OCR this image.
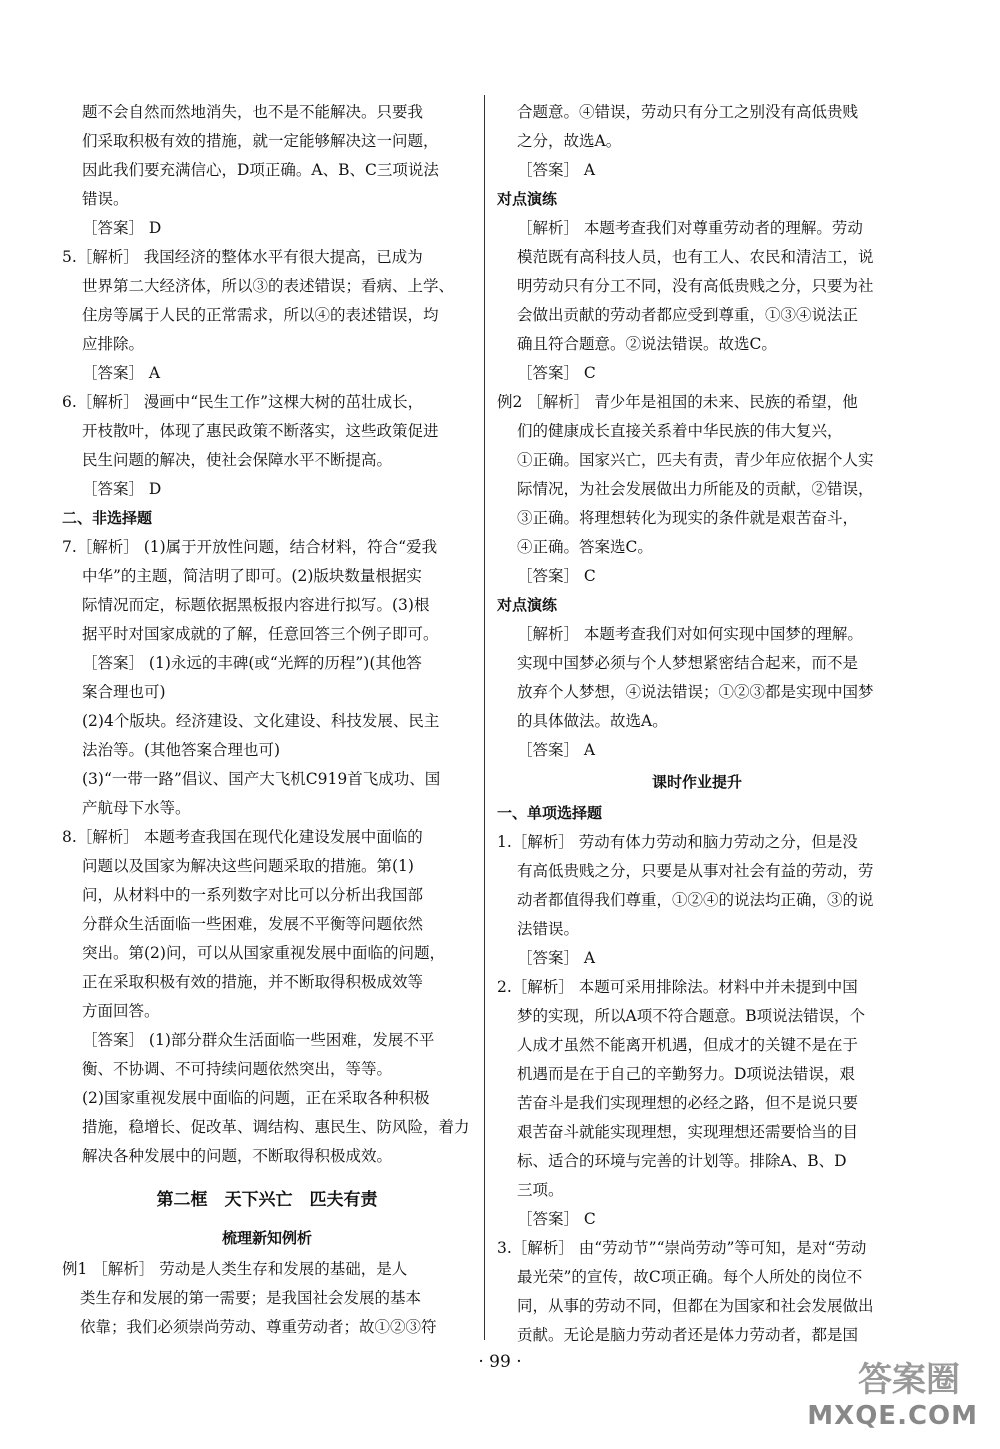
题不会自然而然地消失，也不是不能解决。只要我
们采取积极有效的措施，就一定能够解决这一问题，
因此我们要充满信心，D项正确。A、B、C三项说法
错误。
［答案］ D
5.［解析］ 我国经济的整体水平有很大提高，已成为
世界第二大经济体，所以③的表述错误；看病、上学、
住房等属于人民的正常需求，所以④的表述错误，均
应排除。
［答案］ A
6.［解析］ 漫画中“民生工作”这棵大树的茁壮成长，
开枝散叶，体现了惠民政策不断落实，这些政策促进
民生问题的解决，使社会保障水平不断提高。
［答案］ D
二、非选择题
7.［解析］ (1)属于开放性问题，结合材料，符合“爱我
中华”的主题，简洁明了即可。(2)版块数量根据实
际情况而定，标题依据黑板报内容进行拟写。(3)根
据平时对国家成就的了解，任意回答三个例子即可。
［答案］ (1)永远的丰碑(或“光辉的历程”)(其他答
案合理也可)
(2)4个版块。经济建设、文化建设、科技发展、民主
法治等。(其他答案合理也可)
(3)“一带一路”倡议、国产大飞机C919首飞成功、国
产航母下水等。
8.［解析］ 本题考查我国在现代化建设发展中面临的
问题以及国家为解决这些问题采取的措施。第(1)
问，从材料中的一系列数字对比可以分析出我国部
分群众生活面临一些困难，发展不平衡等问题依然
突出。第(2)问，可以从国家重视发展中面临的问题，
正在采取积极有效的措施，并不断取得积极成效等
方面回答。
［答案］ (1)部分群众生活面临一些困难，发展不平
衡、不协调、不可持续问题依然突出，等等。
(2)国家重视发展中面临的问题，正在采取各种积极
措施，稳增长、促改革、调结构、惠民生、防风险，着力
解决各种发展中的问题，不断取得积极成效。
第二框　天下兴亡　匹夫有责
梳理新知例析
例1 ［解析］ 劳动是人类生存和发展的基础，是人
类生存和发展的第一需要；是我国社会发展的基本
依靠；我们必须崇尚劳动、尊重劳动者；故①②③符
合题意。④错误，劳动只有分工之别没有高低贵贱
之分，故选A。
［答案］ A
对点演练
［解析］ 本题考查我们对尊重劳动者的理解。劳动
模范既有高科技人员，也有工人、农民和清洁工，说
明劳动只有分工不同，没有高低贵贱之分，只要为社
会做出贡献的劳动者都应受到尊重，①③④说法正
确且符合题意。②说法错误。故选C。
［答案］ C
例2 ［解析］ 青少年是祖国的未来、民族的希望，他
们的健康成长直接关系着中华民族的伟大复兴，
①正确。国家兴亡，匹夫有责，青少年应依据个人实
际情况，为社会发展做出力所能及的贡献，②错误，
③正确。将理想转化为现实的条件就是艰苦奋斗，
④正确。答案选C。
［答案］ C
对点演练
［解析］ 本题考查我们对如何实现中国梦的理解。
实现中国梦必须与个人梦想紧密结合起来，而不是
放弃个人梦想，④说法错误；①②③都是实现中国梦
的具体做法。故选A。
［答案］ A
课时作业提升
一、单项选择题
1.［解析］ 劳动有体力劳动和脑力劳动之分，但是没
有高低贵贱之分，只要是从事对社会有益的劳动，劳
动者都值得我们尊重，①②④的说法均正确，③的说
法错误。
［答案］ A
2.［解析］ 本题可采用排除法。材料中并未提到中国
梦的实现，所以A项不符合题意。B项说法错误，个
人成才虽然不能离开机遇，但成才的关键不是在于
机遇而是在于自己的辛勤努力。D项说法错误，艰
苦奋斗是我们实现理想的必经之路，但不是说只要
艰苦奋斗就能实现理想，实现理想还需要恰当的目
标、适合的环境与完善的计划等。排除A、B、D
三项。
［答案］ C
3.［解析］ 由“劳动节”“崇尚劳动”等可知，是对“劳动
最光荣”的宣传，故C项正确。每个人所处的岗位不
同，从事的劳动不同，但都在为国家和社会发展做出
贡献。无论是脑力劳动者还是体力劳动者，都是国
· 99 ·	答案圈
MXQE.COM
